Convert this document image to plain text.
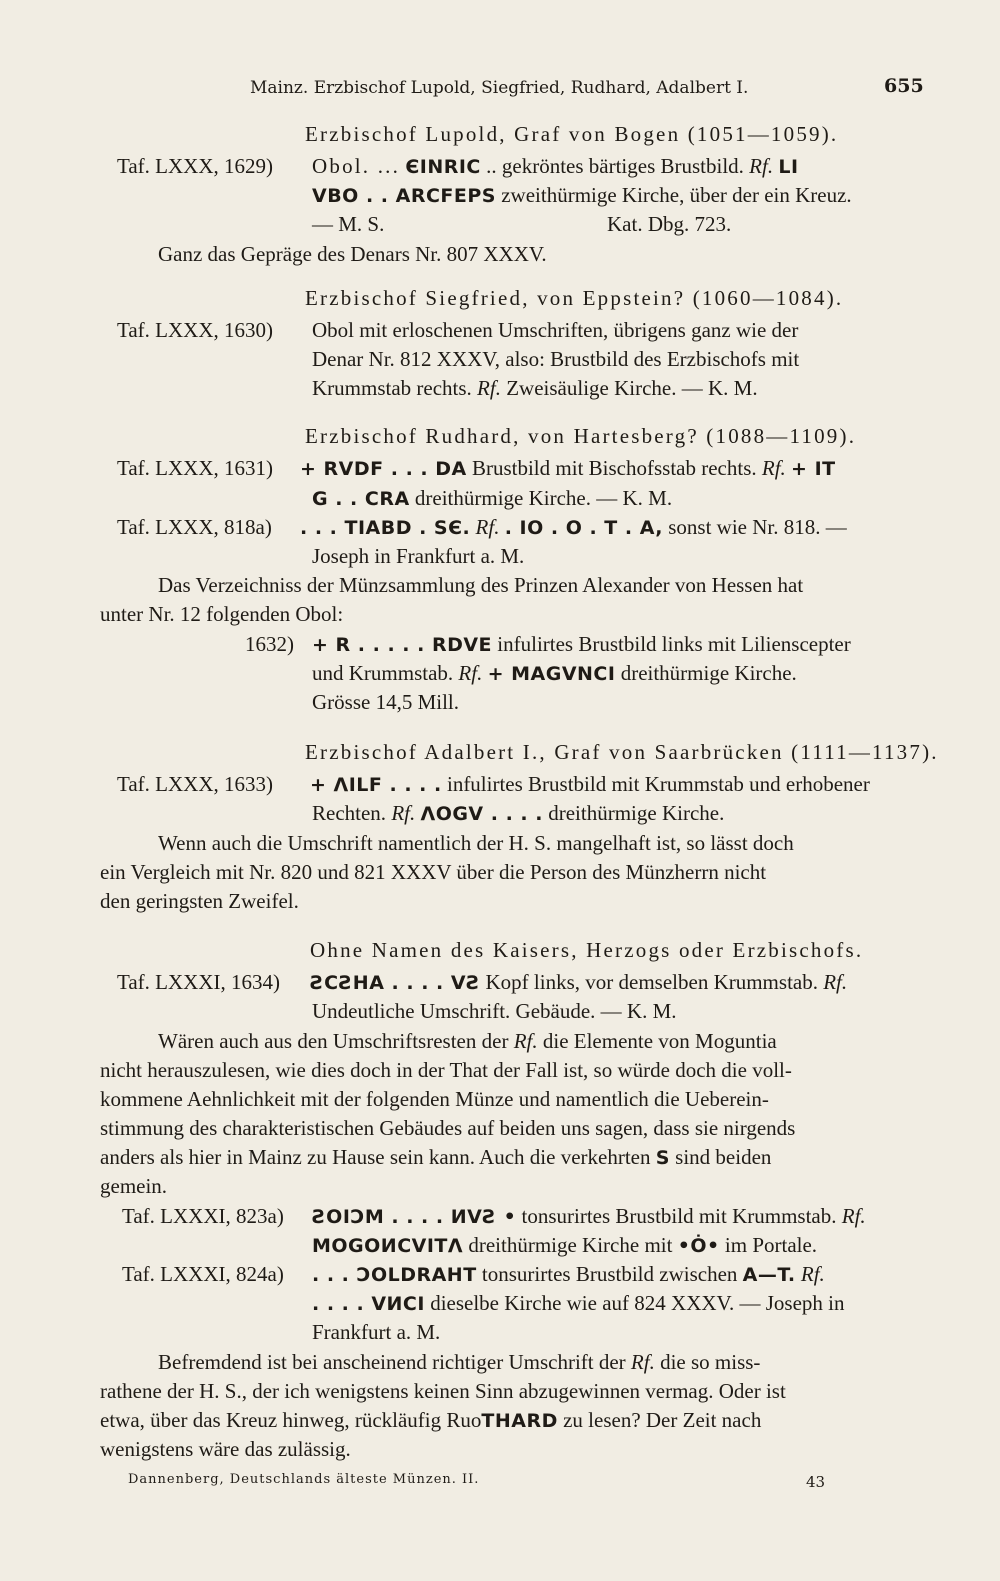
Mainz. Erzbischof Lupold, Siegfried, Rudhard, Adalbert I.	655
Erzbischof Lupold, Graf von Bogen (1051—1059).
Taf. LXXX, 1629) Obol. ... ЄINRIC .. gekröntes bärtiges Brustbild. Rf. LI
VBO . . ARCFEPS zweithürmige Kirche, über der ein Kreuz.
— M. S.	Kat. Dbg. 723.
Ganz das Gepräge des Denars Nr. 807 XXXV.
Erzbischof Siegfried, von Eppstein? (1060—1084).
Taf. LXXX, 1630) Obol mit erloschenen Umschriften, übrigens ganz wie der
Denar Nr. 812 XXXV, also: Brustbild des Erzbischofs mit
Krummstab rechts. Rf. Zweisäulige Kirche. — K. M.
Erzbischof Rudhard, von Hartesberg? (1088—1109).
Taf. LXXX, 1631) + RVDF . . . DA Brustbild mit Bischofsstab rechts. Rf. + IT
G . . CRA dreithürmige Kirche. — K. M.
Taf. LXXX, 818a) . . . TIABD . SЄ. Rf. . IO . O . T . A, sonst wie Nr. 818. —
Joseph in Frankfurt a. M.
Das Verzeichniss der Münzsammlung des Prinzen Alexander von Hessen hat
unter Nr. 12 folgenden Obol:
1632) + R . . . . . RDVE infulirtes Brustbild links mit Lilienscepter
und Krummstab. Rf. + MAGVNCI dreithürmige Kirche.
Grösse 14,5 Mill.
Erzbischof Adalbert I., Graf von Saarbrücken (1111—1137).
Taf. LXXX, 1633) + ΛILF . . . . infulirtes Brustbild mit Krummstab und erhobener
Rechten. Rf. ΛOGV . . . . dreithürmige Kirche.
Wenn auch die Umschrift namentlich der H. S. mangelhaft ist, so lässt doch
ein Vergleich mit Nr. 820 und 821 XXXV über die Person des Münzherrn nicht
den geringsten Zweifel.
Ohne Namen des Kaisers, Herzogs oder Erzbischofs.
Taf. LXXXI, 1634) ƧCƧHA . . . . VƧ Kopf links, vor demselben Krummstab. Rf.
Undeutliche Umschrift. Gebäude. — K. M.
Wären auch aus den Umschriftsresten der Rf. die Elemente von Moguntia
nicht herauszulesen, wie dies doch in der That der Fall ist, so würde doch die voll-
kommene Aehnlichkeit mit der folgenden Münze und namentlich die Ueberein-
stimmung des charakteristischen Gebäudes auf beiden uns sagen, dass sie nirgends
anders als hier in Mainz zu Hause sein kann. Auch die verkehrten S sind beiden
gemein.
Taf. LXXXI, 823a) ƧOIƆM . . . . ИVƧ • tonsurirtes Brustbild mit Krummstab. Rf.
MOGOИCVITΛ dreithürmige Kirche mit •Ȯ• im Portale.
Taf. LXXXI, 824a) . . . ƆOLDRAHT tonsurirtes Brustbild zwischen A—T. Rf.
. . . . VИCI dieselbe Kirche wie auf 824 XXXV. — Joseph in
Frankfurt a. M.
Befremdend ist bei anscheinend richtiger Umschrift der Rf. die so miss-
rathene der H. S., der ich wenigstens keinen Sinn abzugewinnen vermag. Oder ist
etwa, über das Kreuz hinweg, rückläufig RuoTHARD zu lesen? Der Zeit nach
wenigstens wäre das zulässig.
Dannenberg, Deutschlands älteste Münzen. II.	43
